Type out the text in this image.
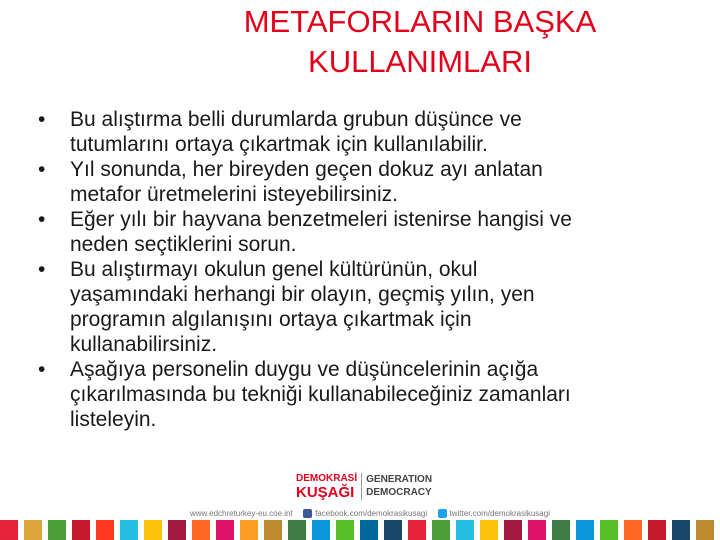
METAFORLARIN BAŞKA
KULLANIMLARI
•	Bu alıştırma belli durumlarda grubun düşünce ve
tutumlarını ortaya çıkartmak için kullanılabilir.
•	Yıl sonunda, her bireyden geçen dokuz ayı anlatan
metafor üretmelerini isteyebilirsiniz.
•	Eğer yılı bir hayvana benzetmeleri istenirse hangisi ve
neden seçtiklerini sorun.
•	Bu alıştırmayı okulun genel kültürünün, okul
yaşamındaki herhangi bir olayın, geçmiş yılın, yen
programın algılanışını ortaya çıkartmak için
kullanabilirsiniz.
•	Aşağıya personelin duygu ve düşüncelerinin açığa
çıkarılmasında bu tekniği kullanabileceğiniz zamanları
listeleyin.
DEMOKRASİ
KUŞAĞI
GENERATION
DEMOCRACY
www.edchreturkey-eu.coe.int	facebook.com/demokrasikusagi	twitter.com/demokrasikusagi
